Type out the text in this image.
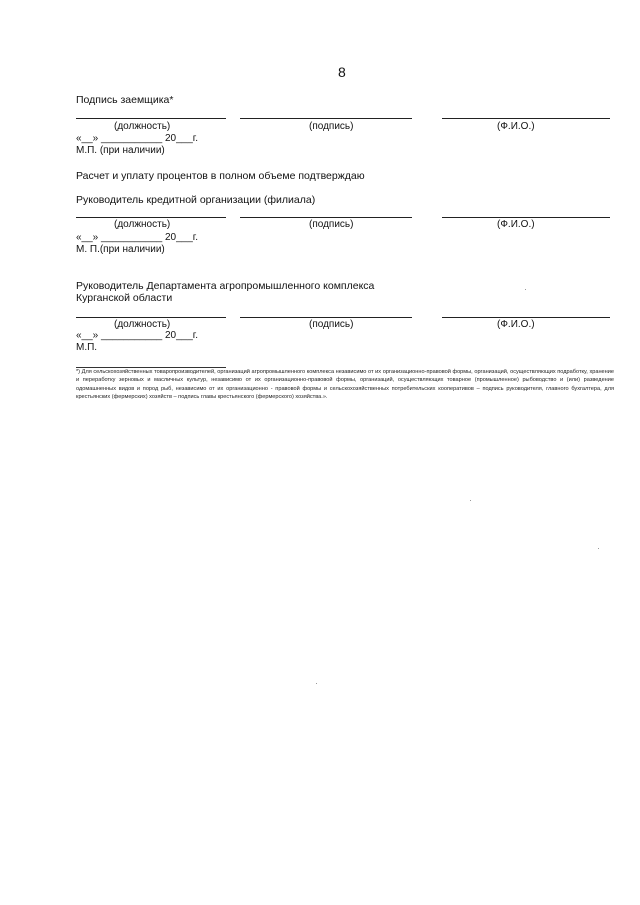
8
Подпись заемщика*
(должность)	(подпись)	(Ф.И.О.)
«__» ___________ 20___г.
М.П. (при наличии)
Расчет и уплату процентов в полном объеме подтверждаю
Руководитель кредитной организации (филиала)
(должность)	(подпись)	(Ф.И.О.)
«__» ___________ 20___г.
М. П.(при наличии)
Руководитель Департамента агропромышленного комплекса
Курганской области
(должность)	(подпись)	(Ф.И.О.)
«__» ___________ 20___г.
М.П.
*) Для сельскохозяйственных товаропроизводителей, организаций агропромышленного комплекса независимо от их организационно-правовой формы, организаций, осуществляющих подработку, хранение и переработку зерновых и масличных культур, независимо от их организационно-правовой формы, организаций, осуществляющих товарное (промышленное) рыбоводство и (или) разведение одомашненных видов и пород рыб, независимо от их организационно - правовой формы и сельскохозяйственных потребительских кооперативов – подпись руководителя, главного бухгалтера, для крестьянских (фермерских) хозяйств – подпись главы крестьянского (фермерского) хозяйства.».
